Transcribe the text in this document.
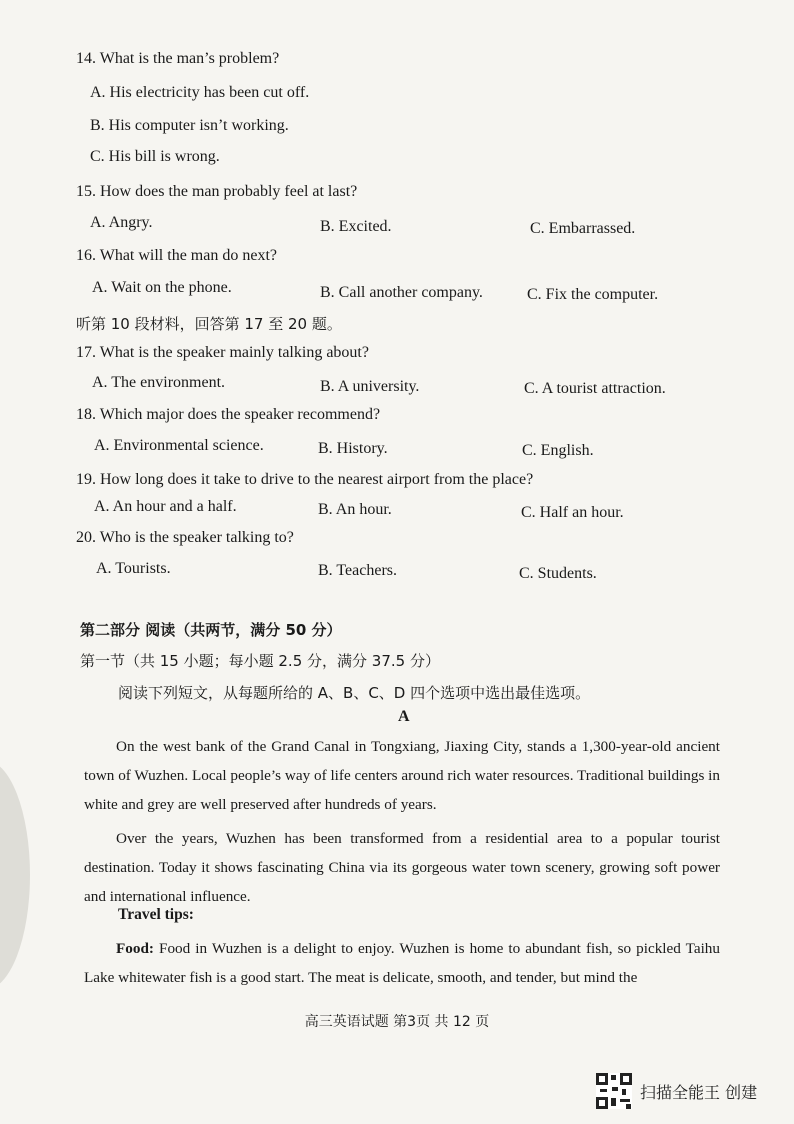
14. What is the man’s problem?
A. His electricity has been cut off.
B. His computer isn’t working.
C. His bill is wrong.
15. How does the man probably feel at last?
A. Angry.	B. Excited.	C. Embarrassed.
16. What will the man do next?
A. Wait on the phone.	B. Call another company.	C. Fix the computer.
听第 10 段材料，回答第 17 至 20 题。
17. What is the speaker mainly talking about?
A. The environment.	B. A university.	C. A tourist attraction.
18. Which major does the speaker recommend?
A. Environmental science.	B. History.	C. English.
19. How long does it take to drive to the nearest airport from the place?
A. An hour and a half.	B. An hour.	C. Half an hour.
20. Who is the speaker talking to?
A. Tourists.	B. Teachers.	C. Students.
第二部分 阅读（共两节，满分 50 分）
第一节（共 15 小题；每小题 2.5 分，满分 37.5 分）
阅读下列短文，从每题所给的 A、B、C、D 四个选项中选出最佳选项。
A

On the west bank of the Grand Canal in Tongxiang, Jiaxing City, stands a 1,300-year-old ancient town of Wuzhen. Local people’s way of life centers around rich water resources. Traditional buildings in white and grey are well preserved after hundreds of years.

Over the years, Wuzhen has been transformed from a residential area to a popular tourist destination. Today it shows fascinating China via its gorgeous water town scenery, growing soft power and international influence.

Travel tips:

Food: Food in Wuzhen is a delight to enjoy. Wuzhen is home to abundant fish, so pickled Taihu Lake whitewater fish is a good start. The meat is delicate, smooth, and tender, but mind the

高三英语试题 第3页 共 12 页
扫描全能王 创建
